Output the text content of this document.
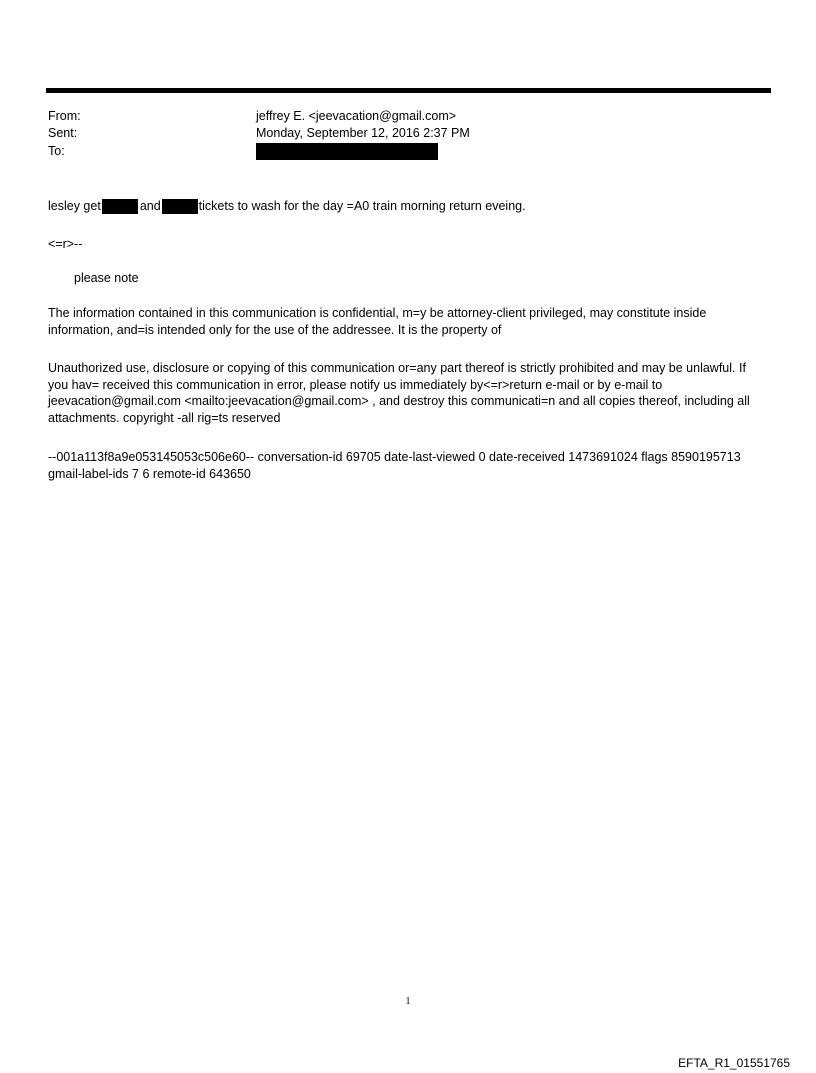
From:	jeffrey E. <jeevacation@gmail.com>
Sent:	Monday, September 12, 2016 2:37 PM
To:
lesley get	and	tickets to wash for the day =A0 train morning return eveing.
<=r>--
please note
The information contained in this communication is confidential, m=y be attorney-client privileged, may constitute inside information, and=is intended only for the use of the addressee. It is the property of
Unauthorized use, disclosure or copying of this communication or=any part thereof is strictly prohibited and may be unlawful. If you hav= received this communication in error, please notify us immediately by<=r>return e-mail or by e-mail to jeevacation@gmail.com <mailto:jeevacation@gmail.com> , and destroy this communicati=n and all copies thereof, including all attachments. copyright -all rig=ts reserved
--001a113f8a9e053145053c506e60-- conversation-id 69705 date-last-viewed 0 date-received 1473691024 flags 8590195713 gmail-label-ids 7 6 remote-id 643650
1
EFTA_R1_01551765
